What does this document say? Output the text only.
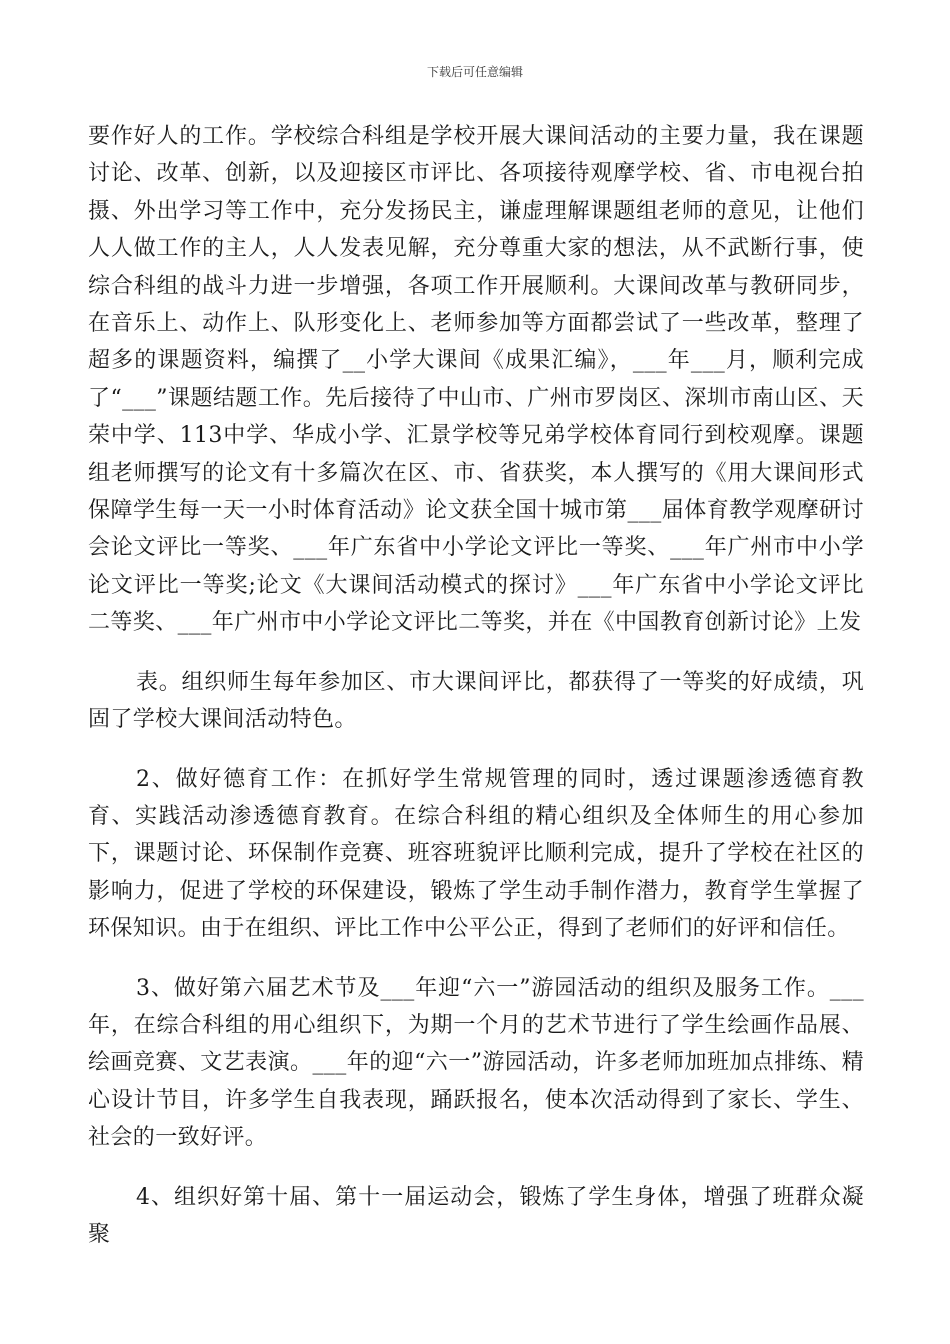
下载后可任意编辑

要作好人的工作。学校综合科组是学校开展大课间活动的主要力量，我在课题讨论、改革、创新，以及迎接区市评比、各项接待观摩学校、省、市电视台拍摄、外出学习等工作中，充分发扬民主，谦虚理解课题组老师的意见，让他们人人做工作的主人，人人发表见解，充分尊重大家的想法，从不武断行事，使综合科组的战斗力进一步增强，各项工作开展顺利。大课间改革与教研同步，在音乐上、动作上、队形变化上、老师参加等方面都尝试了一些改革，整理了超多的课题资料，编撰了__小学大课间《成果汇编》，___年___月，顺利完成了“___”课题结题工作。先后接待了中山市、广州市罗岗区、深圳市南山区、天荣中学、113中学、华成小学、汇景学校等兄弟学校体育同行到校观摩。课题组老师撰写的论文有十多篇次在区、市、省获奖，本人撰写的《用大课间形式保障学生每一天一小时体育活动》论文获全国十城市第___届体育教学观摩研讨会论文评比一等奖、___年广东省中小学论文评比一等奖、___年广州市中小学论文评比一等奖;论文《大课间活动模式的探讨》___年广东省中小学论文评比二等奖、___年广州市中小学论文评比二等奖，并在《中国教育创新讨论》上发

表。组织师生每年参加区、市大课间评比，都获得了一等奖的好成绩，巩固了学校大课间活动特色。

2、做好德育工作：在抓好学生常规管理的同时，透过课题渗透德育教育、实践活动渗透德育教育。在综合科组的精心组织及全体师生的用心参加下，课题讨论、环保制作竞赛、班容班貌评比顺利完成，提升了学校在社区的影响力，促进了学校的环保建设，锻炼了学生动手制作潜力，教育学生掌握了环保知识。由于在组织、评比工作中公平公正，得到了老师们的好评和信任。

3、做好第六届艺术节及___年迎“六一”游园活动的组织及服务工作。___年，在综合科组的用心组织下，为期一个月的艺术节进行了学生绘画作品展、绘画竞赛、文艺表演。___年的迎“六一”游园活动，许多老师加班加点排练、精心设计节目，许多学生自我表现，踊跃报名，使本次活动得到了家长、学生、社会的一致好评。

4、组织好第十届、第十一届运动会，锻炼了学生身体，增强了班群众凝聚
